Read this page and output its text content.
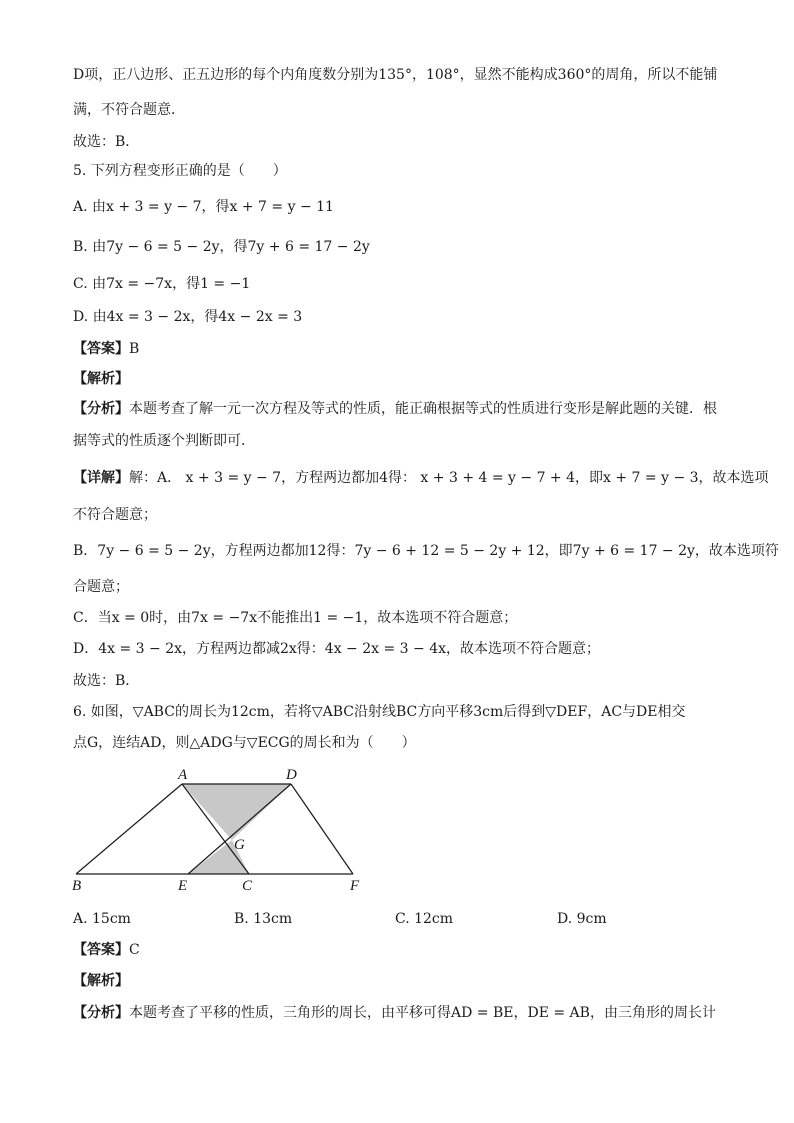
D项，正八边形、正五边形的每个内角度数分别为135°，108°，显然不能构成360°的周角，所以不能铺
满，不符合题意．
故选：B．
5. 下列方程变形正确的是（　　）
A. 由x + 3 = y − 7，得x + 7 = y − 11
B. 由7y − 6 = 5 − 2y，得7y + 6 = 17 − 2y
C. 由7x = −7x，得1 = −1
D. 由4x = 3 − 2x，得4x − 2x = 3
【答案】B
【解析】
【分析】本题考查了解一元一次方程及等式的性质，能正确根据等式的性质进行变形是解此题的关键．根
据等式的性质逐个判断即可．
【详解】解：A． x + 3 = y − 7，方程两边都加4得： x + 3 + 4 = y − 7 + 4，即x + 7 = y − 3，故本选项
不符合题意；
B．7y − 6 = 5 − 2y，方程两边都加12得：7y − 6 + 12 = 5 − 2y + 12，即7y + 6 = 17 − 2y，故本选项符
合题意；
C．当x = 0时，由7x = −7x不能推出1 = −1，故本选项不符合题意；
D．4x = 3 − 2x，方程两边都减2x得：4x − 2x = 3 − 4x，故本选项不符合题意；
故选：B．
6. 如图，▽ABC的周长为12cm，若将▽ABC沿射线BC方向平移3cm后得到▽DEF，AC与DE相交
点G，连结AD，则△ADG与▽ECG的周长和为（　　）
A	D
G
B	E	C	F
A. 15cm	B. 13cm	C. 12cm	D. 9cm
【答案】C
【解析】
【分析】本题考查了平移的性质，三角形的周长，由平移可得AD = BE，DE = AB，由三角形的周长计
